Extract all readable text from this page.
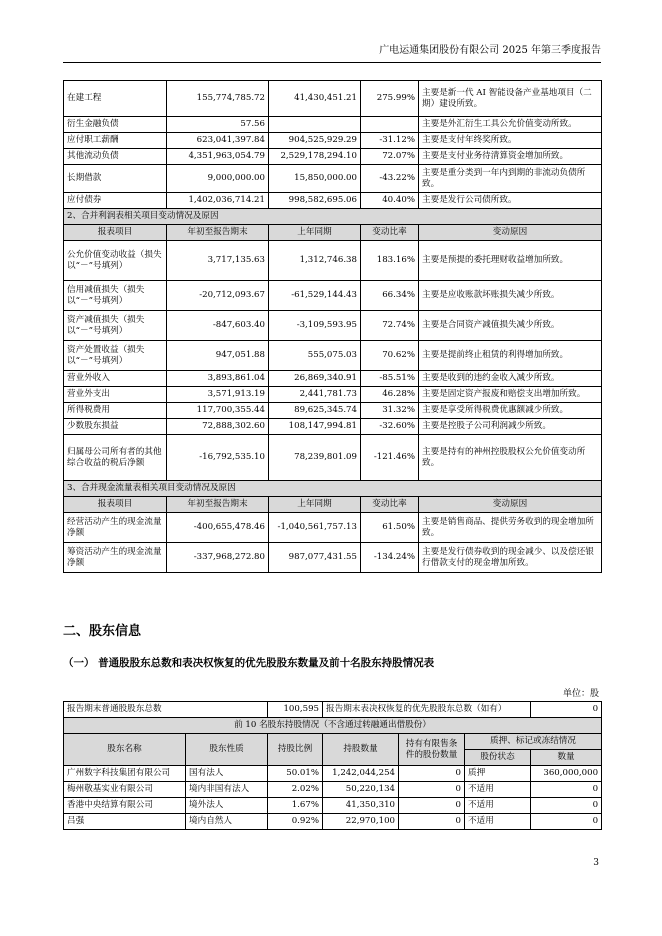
广电运通集团股份有限公司 2025 年第三季度报告
在建工程	155,774,785.72	41,430,451.21	275.99%	主要是新一代 AI 智能设备产业基地项目（二期）建设所致。
衍生金融负债	57.56			主要是外汇衍生工具公允价值变动所致。
应付职工薪酬	623,041,397.84	904,525,929.29	-31.12%	主要是支付年终奖所致。
其他流动负债	4,351,963,054.79	2,529,178,294.10	72.07%	主要是支付业务待清算资金增加所致。
长期借款	9,000,000.00	15,850,000.00	-43.22%	主要是重分类到一年内到期的非流动负债所致。
应付债券	1,402,036,714.21	998,582,695.06	40.40%	主要是发行公司债所致。
2、合并利润表相关项目变动情况及原因				
报表项目	年初至报告期末	上年同期	变动比率	变动原因
公允价值变动收益（损失以“－”号填列）	3,717,135.63	1,312,746.38	183.16%	主要是预提的委托理财收益增加所致。
信用减值损失（损失以“－”号填列）	-20,712,093.67	-61,529,144.43	66.34%	主要是应收账款坏账损失减少所致。
资产减值损失（损失以“－”号填列）	-847,603.40	-3,109,593.95	72.74%	主要是合同资产减值损失减少所致。
资产处置收益（损失以“－”号填列）	947,051.88	555,075.03	70.62%	主要是提前终止租赁的利得增加所致。
营业外收入	3,893,861.04	26,869,340.91	-85.51%	主要是收到的违约金收入减少所致。
营业外支出	3,571,913.19	2,441,781.73	46.28%	主要是固定资产报废和赔偿支出增加所致。
所得税费用	117,700,355.44	89,625,345.74	31.32%	主要是享受所得税费优惠额减少所致。
少数股东损益	72,888,302.60	108,147,994.81	-32.60%	主要是控股子公司利润减少所致。
归属母公司所有者的其他综合收益的税后净额	-16,792,535.10	78,239,801.09	-121.46%	主要是持有的神州控股股权公允价值变动所致。
3、合并现金流量表相关项目变动情况及原因				
报表项目	年初至报告期末	上年同期	变动比率	变动原因
经营活动产生的现金流量净额	-400,655,478.46	-1,040,561,757.13	61.50%	主要是销售商品、提供劳务收到的现金增加所致。
筹资活动产生的现金流量净额	-337,968,272.80	987,077,431.55	-134.24%	主要是发行债券收到的现金减少、以及偿还银行借款支付的现金增加所致。
二、股东信息
（一） 普通股股东总数和表决权恢复的优先股股东数量及前十名股东持股情况表
单位：股
报告期末普通股股东总数		100,595	报告期末表决权恢复的优先股股东总数（如有）			0
前 10 名股东持股情况（不含通过转融通出借股份）						
股东名称	股东性质	持股比例	持股数量	持有有限售条件的股份数量	质押、标记或冻结情况	
					股份状态	数量
广州数字科技集团有限公司	国有法人	50.01%	1,242,044,254	0	质押	360,000,000
梅州敬基实业有限公司	境内非国有法人	2.02%	50,220,134	0	不适用	0
香港中央结算有限公司	境外法人	1.67%	41,350,310	0	不适用	0
吕强	境内自然人	0.92%	22,970,100	0	不适用	0
3
